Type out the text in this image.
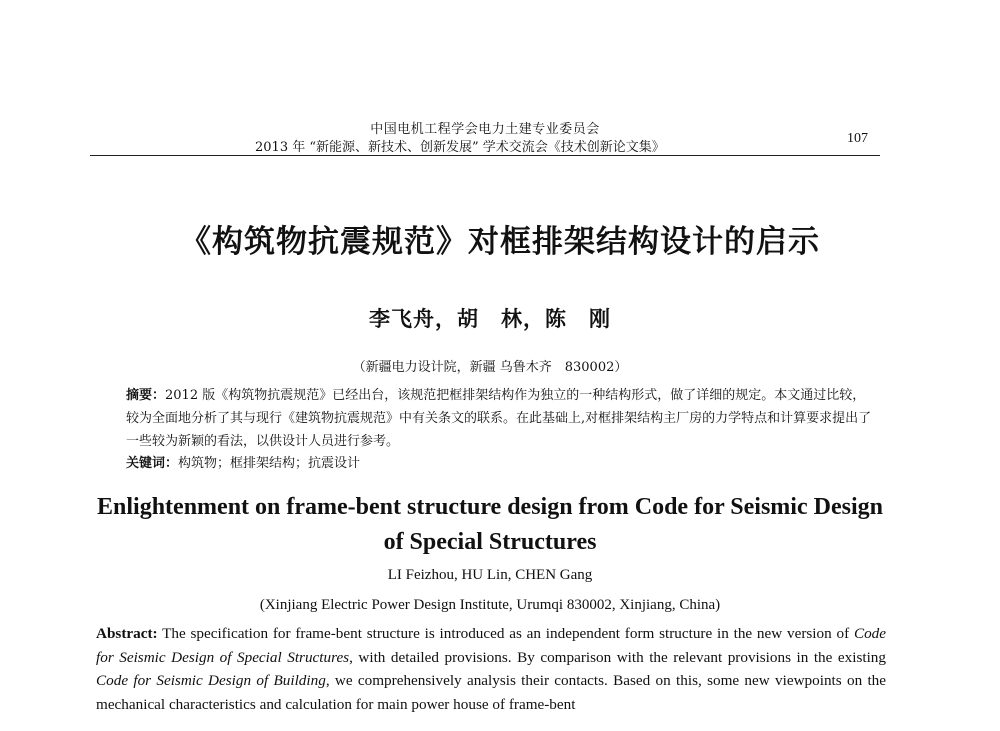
中国电机工程学会电力土建专业委员会
2013 年 “新能源、新技术、创新发展” 学术交流会《技术创新论文集》
107
《构筑物抗震规范》对框排架结构设计的启示
李飞舟，胡　林，陈　刚
（新疆电力设计院，新疆 乌鲁木齐　830002）
摘要：2012 版《构筑物抗震规范》已经出台，该规范把框排架结构作为独立的一种结构形式，做了详细的规定。本文通过比较，较为全面地分析了其与现行《建筑物抗震规范》中有关条文的联系。在此基础上,对框排架结构主厂房的力学特点和计算要求提出了一些较为新颖的看法，以供设计人员进行参考。
关键词：构筑物；框排架结构；抗震设计
Enlightenment on frame-bent structure design from Code for Seismic Design of Special Structures
LI Feizhou, HU Lin, CHEN Gang
(Xinjiang Electric Power Design Institute, Urumqi 830002, Xinjiang, China)
Abstract: The specification for frame-bent structure is introduced as an independent form structure in the new version of Code for Seismic Design of Special Structures, with detailed provisions. By comparison with the relevant provisions in the existing Code for Seismic Design of Building, we comprehensively analysis their contacts. Based on this, some new viewpoints on the mechanical characteristics and calculation for main power house of frame-bent
